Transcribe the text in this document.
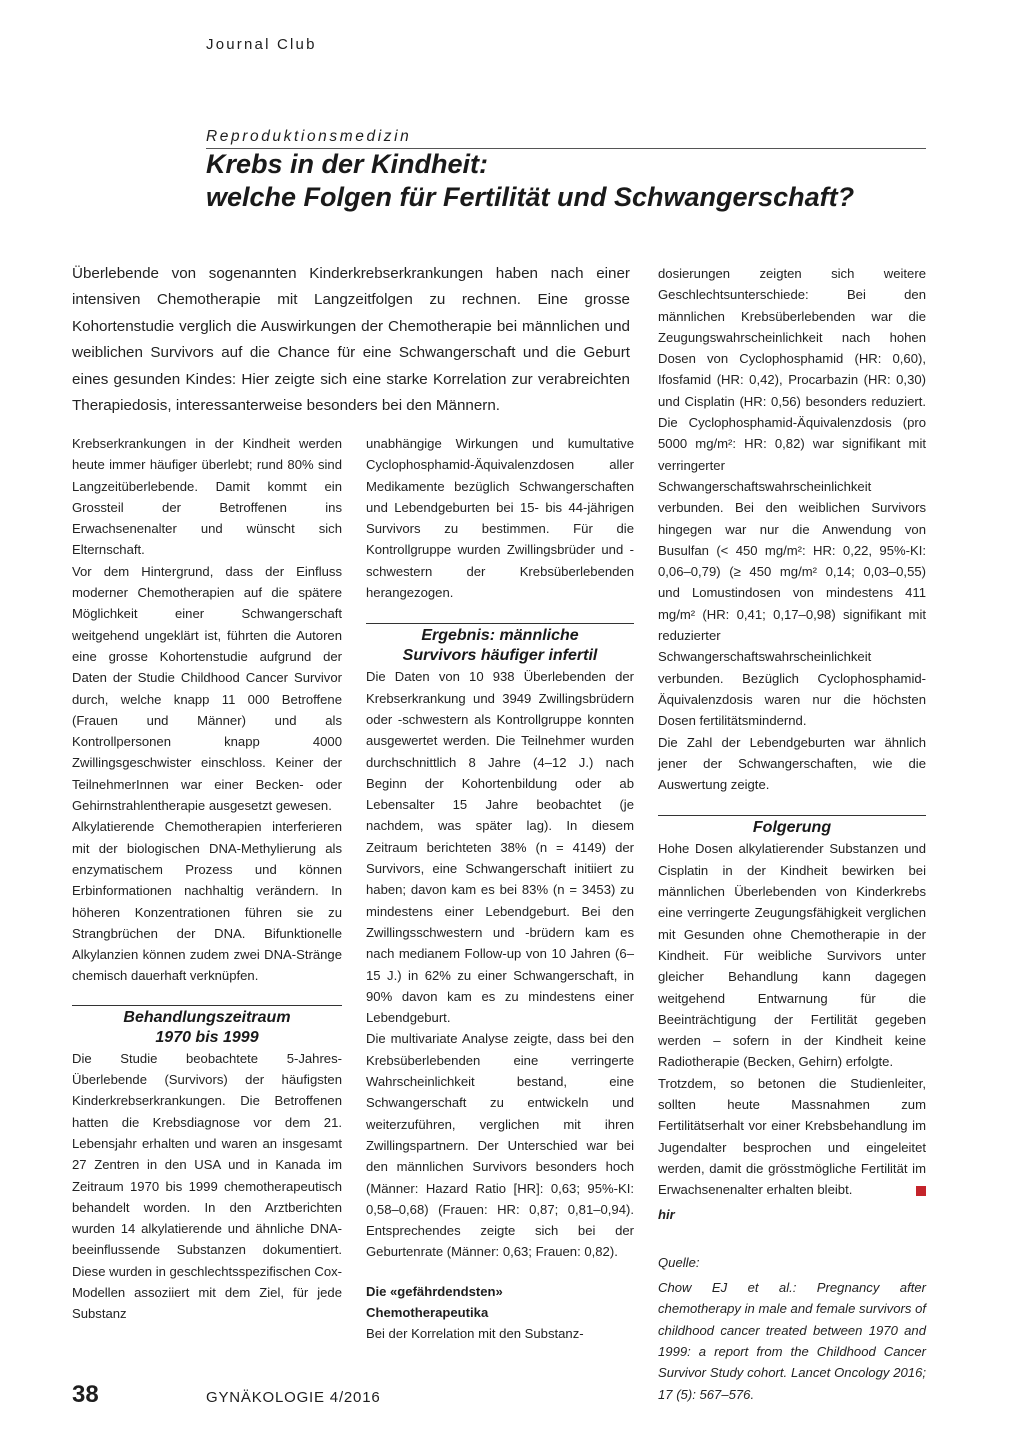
Journal Club
Reproduktionsmedizin
Krebs in der Kindheit:
welche Folgen für Fertilität und Schwangerschaft?

Überlebende von sogenannten Kinderkrebserkrankungen haben nach einer intensiven Chemotherapie mit Langzeitfolgen zu rechnen. Eine grosse Kohortenstudie verglich die Auswirkungen der Chemotherapie bei männlichen und weiblichen Survivors auf die Chance für eine Schwangerschaft und die Geburt eines gesunden Kindes: Hier zeigte sich eine starke Korrelation zur verabreichten Therapiedosis, interessanterweise besonders bei den Männern.

Krebserkrankungen in der Kindheit werden heute immer häufiger überlebt; rund 80% sind Langzeitüberlebende. Damit kommt ein Grossteil der Betroffenen ins Erwachsenenalter und wünscht sich Elternschaft.

Vor dem Hintergrund, dass der Einfluss moderner Chemotherapien auf die spätere Möglichkeit einer Schwangerschaft weitgehend ungeklärt ist, führten die Autoren eine grosse Kohortenstudie aufgrund der Daten der Studie Childhood Cancer Survivor durch, welche knapp 11 000 Betroffene (Frauen und Männer) und als Kontrollpersonen knapp 4000 Zwillingsgeschwister einschloss. Keiner der TeilnehmerInnen war einer Becken- oder Gehirnstrahlentherapie ausgesetzt gewesen.

Alkylatierende Chemotherapien interferieren mit der biologischen DNA-Methylierung als enzymatischem Prozess und können Erbinformationen nachhaltig verändern. In höheren Konzentrationen führen sie zu Strangbrüchen der DNA. Bifunktionelle Alkylanzien können zudem zwei DNA-Stränge chemisch dauerhaft verknüpfen.

Behandlungszeitraum
1970 bis 1999

Die Studie beobachtete 5-Jahres-Überlebende (Survivors) der häufigsten Kinderkrebserkrankungen. Die Betroffenen hatten die Krebsdiagnose vor dem 21. Lebensjahr erhalten und waren an insgesamt 27 Zentren in den USA und in Kanada im Zeitraum 1970 bis 1999 chemotherapeutisch behandelt worden. In den Arztberichten wurden 14 alkylatierende und ähnliche DNA-beeinflussende Substanzen dokumentiert. Diese wurden in geschlechtsspezifischen Cox-Modellen assoziiert mit dem Ziel, für jede Substanz

unabhängige Wirkungen und kumultative Cyclophosphamid-Äquivalenzdosen aller Medikamente bezüglich Schwangerschaften und Lebendgeburten bei 15- bis 44-jährigen Survivors zu bestimmen. Für die Kontrollgruppe wurden Zwillingsbrüder und -schwestern der Krebsüberlebenden herangezogen.

Ergebnis: männliche
Survivors häufiger infertil

Die Daten von 10 938 Überlebenden der Krebserkrankung und 3949 Zwillingsbrüdern oder -schwestern als Kontrollgruppe konnten ausgewertet werden. Die Teilnehmer wurden durchschnittlich 8 Jahre (4–12 J.) nach Beginn der Kohortenbildung oder ab Lebensalter 15 Jahre beobachtet (je nachdem, was später lag). In diesem Zeitraum berichteten 38% (n = 4149) der Survivors, eine Schwangerschaft initiiert zu haben; davon kam es bei 83% (n = 3453) zu mindestens einer Lebendgeburt. Bei den Zwillingsschwestern und -brüdern kam es nach medianem Follow-up von 10 Jahren (6–15 J.) in 62% zu einer Schwangerschaft, in 90% davon kam es zu mindestens einer Lebendgeburt.

Die multivariate Analyse zeigte, dass bei den Krebsüberlebenden eine verringerte Wahrscheinlichkeit bestand, eine Schwangerschaft zu entwickeln und weiterzuführen, verglichen mit ihren Zwillingspartnern. Der Unterschied war bei den männlichen Survivors besonders hoch (Männer: Hazard Ratio [HR]: 0,63; 95%-KI: 0,58–0,68) (Frauen: HR: 0,87; 0,81–0,94). Entsprechendes zeigte sich bei der Geburtenrate (Männer: 0,63; Frauen: 0,82).

Die «gefährdendsten»
Chemotherapeutika

Bei der Korrelation mit den Substanz-

dosierungen zeigten sich weitere Geschlechtsunterschiede: Bei den männlichen Krebsüberlebenden war die Zeugungswahrscheinlichkeit nach hohen Dosen von Cyclophosphamid (HR: 0,60), Ifosfamid (HR: 0,42), Procarbazin (HR: 0,30) und Cisplatin (HR: 0,56) besonders reduziert. Die Cyclophosphamid-Äquivalenzdosis (pro 5000 mg/m²: HR: 0,82) war signifikant mit verringerter Schwangerschaftswahrscheinlichkeit verbunden. Bei den weiblichen Survivors hingegen war nur die Anwendung von Busulfan (< 450 mg/m²: HR: 0,22, 95%-KI: 0,06–0,79) (≥ 450 mg/m² 0,14; 0,03–0,55) und Lomustindosen von mindestens 411 mg/m² (HR: 0,41; 0,17–0,98) signifikant mit reduzierter Schwangerschaftswahrscheinlichkeit verbunden. Bezüglich Cyclophosphamid-Äquivalenzdosis waren nur die höchsten Dosen fertilitätsmindernd.

Die Zahl der Lebendgeburten war ähnlich jener der Schwangerschaften, wie die Auswertung zeigte.

Folgerung

Hohe Dosen alkylatierender Substanzen und Cisplatin in der Kindheit bewirken bei männlichen Überlebenden von Kinderkrebs eine verringerte Zeugungsfähigkeit verglichen mit Gesunden ohne Chemotherapie in der Kindheit. Für weibliche Survivors unter gleicher Behandlung kann dagegen weitgehend Entwarnung für die Beeinträchtigung der Fertilität gegeben werden – sofern in der Kindheit keine Radiotherapie (Becken, Gehirn) erfolgte.

Trotzdem, so betonen die Studienleiter, sollten heute Massnahmen zum Fertilitätserhalt vor einer Krebsbehandlung im Jugendalter besprochen und eingeleitet werden, damit die grösstmögliche Fertilität im Erwachsenenalter erhalten bleibt.

hir

Quelle:

Chow EJ et al.: Pregnancy after chemotherapy in male and female survivors of childhood cancer treated between 1970 and 1999: a report from the Childhood Cancer Survivor Study cohort. Lancet Oncology 2016; 17 (5): 567–576.

38	GYNÄKOLOGIE 4/2016
